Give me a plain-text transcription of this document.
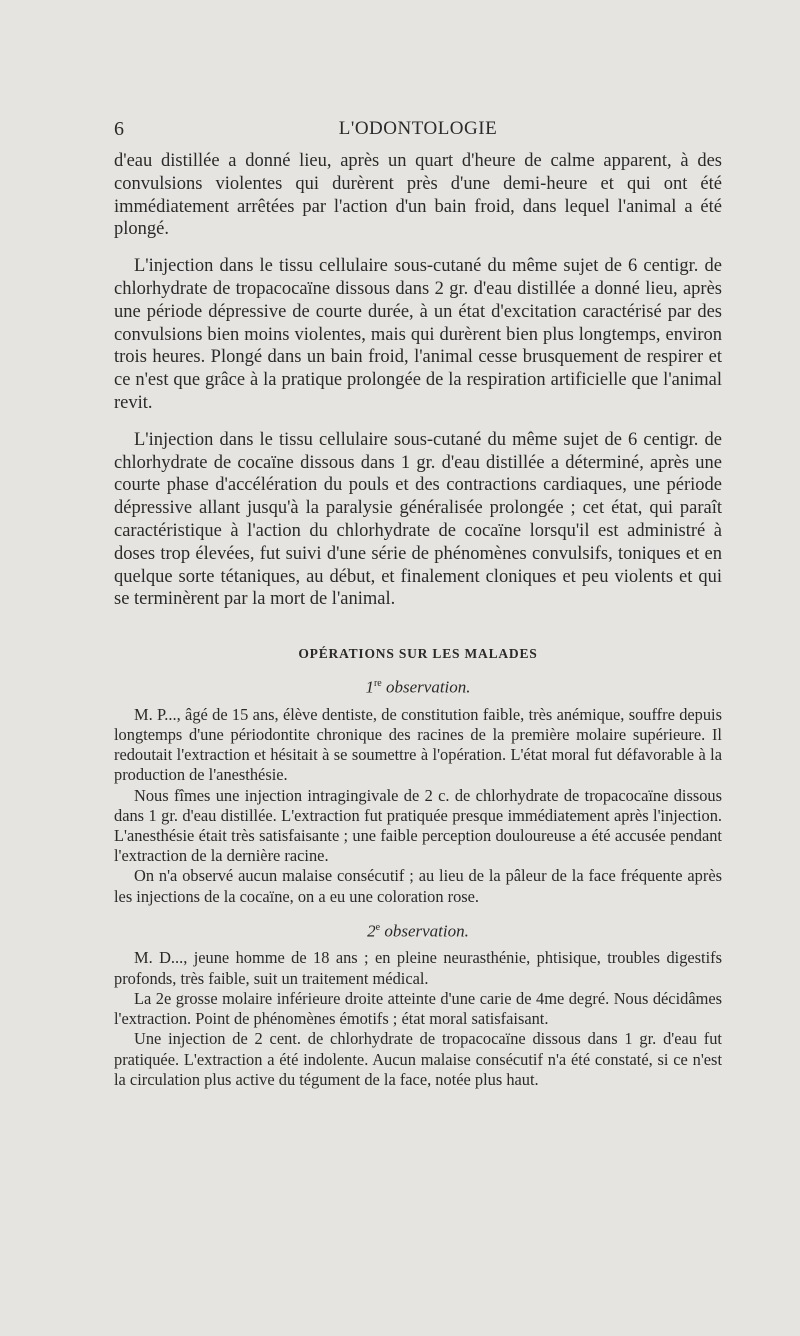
6	L'ODONTOLOGIE

d'eau distillée a donné lieu, après un quart d'heure de calme apparent, à des convulsions violentes qui durèrent près d'une demi-heure et qui ont été immédiatement arrêtées par l'action d'un bain froid, dans lequel l'animal a été plongé.

L'injection dans le tissu cellulaire sous-cutané du même sujet de 6 centigr. de chlorhydrate de tropacocaïne dissous dans 2 gr. d'eau distillée a donné lieu, après une période dépressive de courte durée, à un état d'excitation caractérisé par des convulsions bien moins violentes, mais qui durèrent bien plus longtemps, environ trois heures. Plongé dans un bain froid, l'animal cesse brusquement de respirer et ce n'est que grâce à la pratique prolongée de la respiration artificielle que l'animal revit.

L'injection dans le tissu cellulaire sous-cutané du même sujet de 6 centigr. de chlorhydrate de cocaïne dissous dans 1 gr. d'eau distillée a déterminé, après une courte phase d'accélération du pouls et des contractions cardiaques, une période dépressive allant jusqu'à la paralysie généralisée prolongée ; cet état, qui paraît caractéristique à l'action du chlorhydrate de cocaïne lorsqu'il est administré à doses trop élevées, fut suivi d'une série de phénomènes convulsifs, toniques et en quelque sorte tétaniques, au début, et finalement cloniques et peu violents et qui se terminèrent par la mort de l'animal.

OPÉRATIONS SUR LES MALADES
1re observation.

M. P..., âgé de 15 ans, élève dentiste, de constitution faible, très anémique, souffre depuis longtemps d'une périodontite chronique des racines de la première molaire supérieure. Il redoutait l'extraction et hésitait à se soumettre à l'opération. L'état moral fut défavorable à la production de l'anesthésie.

Nous fîmes une injection intragingivale de 2 c. de chlorhydrate de tropacocaïne dissous dans 1 gr. d'eau distillée. L'extraction fut pratiquée presque immédiatement après l'injection. L'anesthésie était très satisfaisante ; une faible perception douloureuse a été accusée pendant l'extraction de la dernière racine.

On n'a observé aucun malaise consécutif ; au lieu de la pâleur de la face fréquente après les injections de la cocaïne, on a eu une coloration rose.

2e observation.

M. D..., jeune homme de 18 ans ; en pleine neurasthénie, phtisique, troubles digestifs profonds, très faible, suit un traitement médical.

La 2e grosse molaire inférieure droite atteinte d'une carie de 4me degré. Nous décidâmes l'extraction. Point de phénomènes émotifs ; état moral satisfaisant.

Une injection de 2 cent. de chlorhydrate de tropacocaïne dissous dans 1 gr. d'eau fut pratiquée. L'extraction a été indolente. Aucun malaise consécutif n'a été constaté, si ce n'est la circulation plus active du tégument de la face, notée plus haut.
